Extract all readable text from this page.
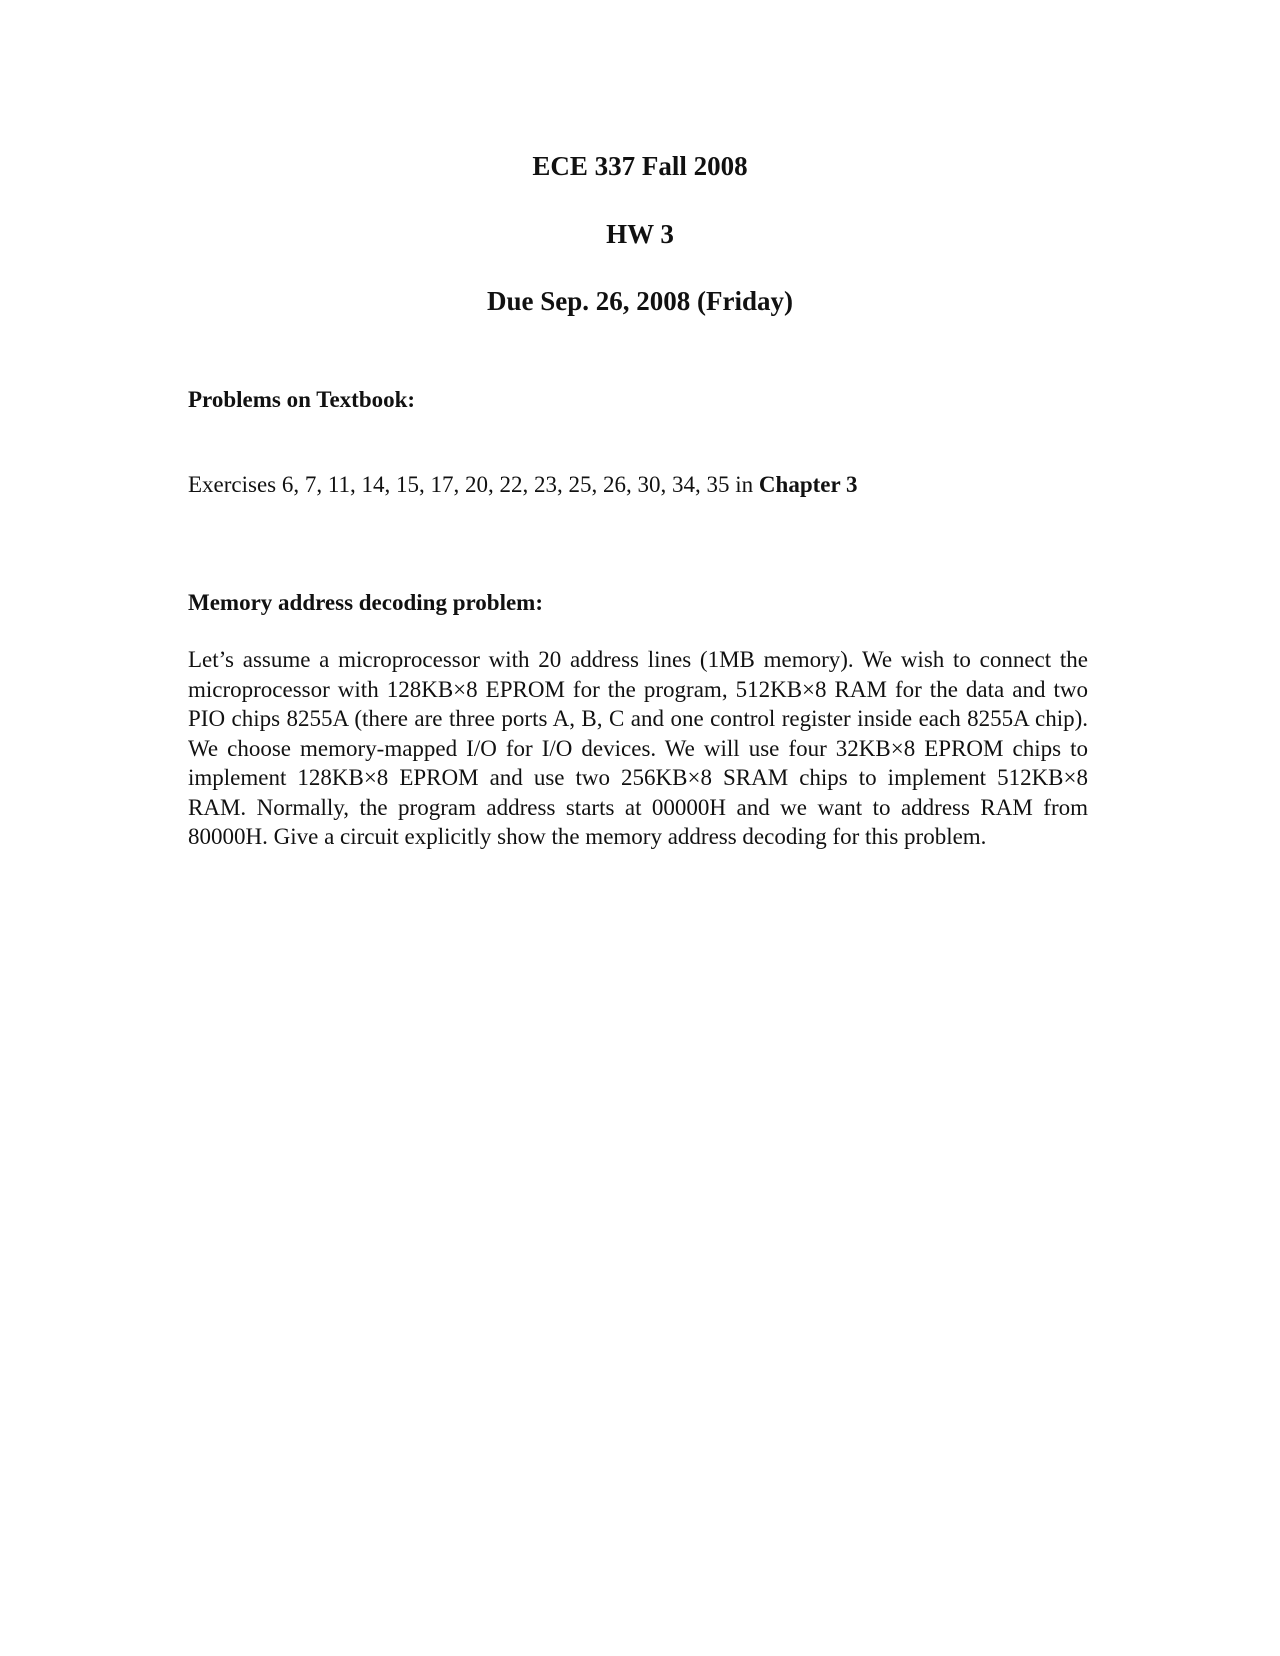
ECE 337 Fall 2008
HW 3
Due Sep. 26, 2008 (Friday)
Problems on Textbook:
Exercises 6, 7, 11, 14, 15, 17, 20, 22, 23, 25, 26, 30, 34, 35 in Chapter 3
Memory address decoding problem:
Let’s assume a microprocessor with 20 address lines (1MB memory). We wish to connect the microprocessor with 128KB×8 EPROM for the program, 512KB×8 RAM for the data and two PIO chips 8255A (there are three ports A, B, C and one control register inside each 8255A chip). We choose memory-mapped I/O for I/O devices. We will use four 32KB×8 EPROM chips to implement 128KB×8 EPROM and use two 256KB×8 SRAM chips to implement 512KB×8 RAM. Normally, the program address starts at 00000H and we want to address RAM from 80000H. Give a circuit explicitly show the memory address decoding for this problem.
